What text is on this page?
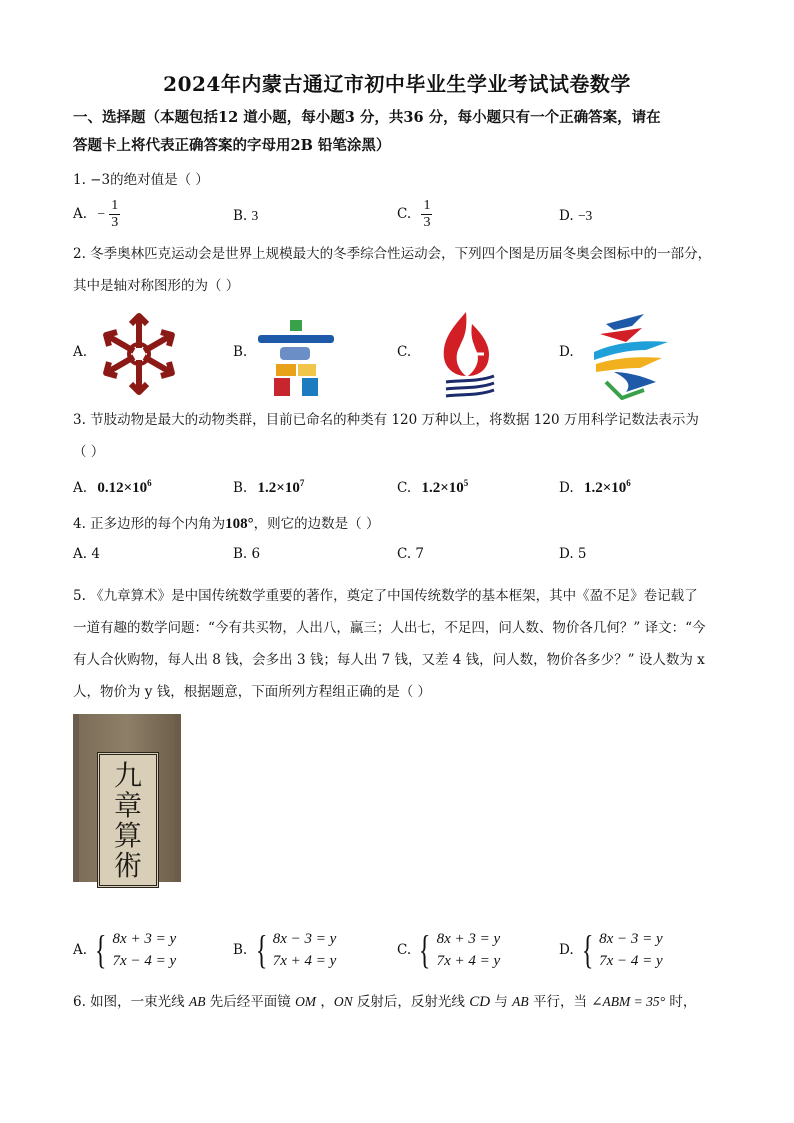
2024年内蒙古通辽市初中毕业生学业考试试卷数学
一、选择题（本题包括12 道小题，每小题3 分，共36 分，每小题只有一个正确答案，请在
答题卡上将代表正确答案的字母用2B 铅笔涂黑）
1. −3的绝对值是（ ）
A. − $\frac{1}{3}$	B. 3	C. $\frac{1}{3}$	D. −3
2. 冬季奥林匹克运动会是世界上规模最大的冬季综合性运动会，下列四个图是历届冬奥会图标中的一部分，
其中是轴对称图形的为（ ）
A.	B.	C.	D.
3. 节肢动物是最大的动物类群，目前已命名的种类有 120 万种以上，将数据 120 万用科学记数法表示为
（ ）
A. $0.12\times 10^6$	B. $1.2\times 10^7$	C. $1.2\times 10^5$	D. $1.2\times 10^6$
4. 正多边形的每个内角为108°，则它的边数是（ ）
A. 4	B. 6	C. 7	D. 5
5. 《九章算术》是中国传统数学重要的著作，奠定了中国传统数学的基本框架，其中《盈不足》卷记载了
一道有趣的数学问题：“今有共买物，人出八，赢三；人出七，不足四，问人数、物价各几何？” 译文：“今
有人合伙购物，每人出 8 钱，会多出 3 钱；每人出 7 钱，又差 4 钱，问人数，物价各多少？” 设人数为 x
人，物价为 y 钱，根据题意，下面所列方程组正确的是（ ）
九
章
算
術
A. { 8x + 3 = y
7x − 4 = y
B. { 8x − 3 = y
7x + 4 = y
C. { 8x + 3 = y
7x + 4 = y
D. { 8x − 3 = y
7x − 4 = y
6. 如图，一束光线 AB 先后经平面镜 OM ，ON 反射后，反射光线 CD 与 AB 平行，当 ∠ABM = 35° 时，
